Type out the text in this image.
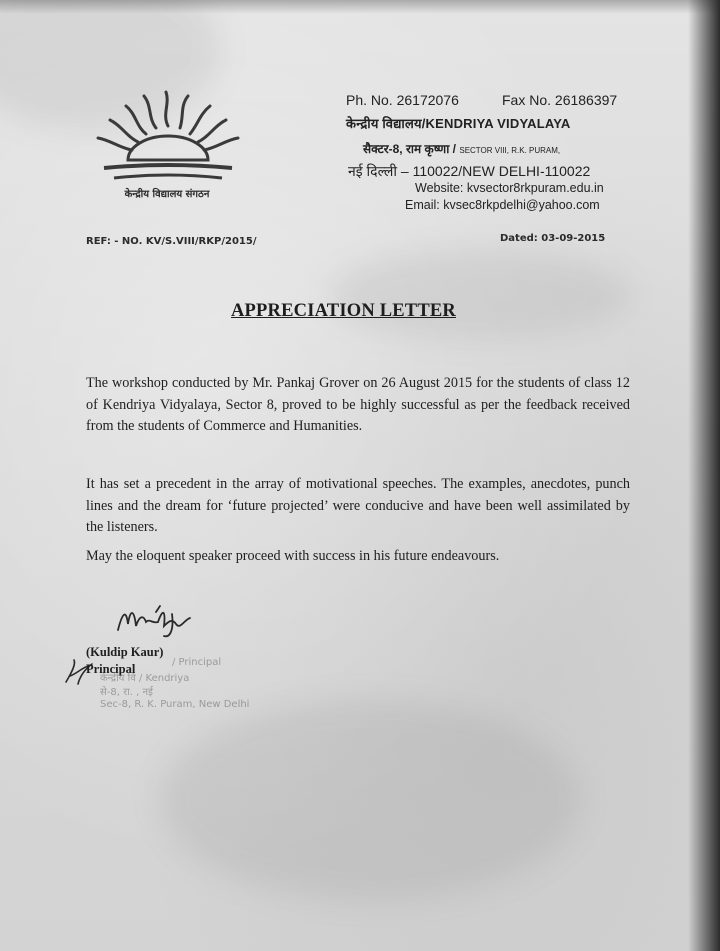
केन्द्रीय विद्यालय संगठन
Ph. No. 26172076	Fax No. 26186397
केन्द्रीय विद्यालय/KENDRIYA VIDYALAYA
सैक्टर-8, राम कृष्णा / SECTOR VIII, R.K. PURAM,
नई दिल्ली – 110022/NEW DELHI-110022
Website: kvsector8rkpuram.edu.in
Email: kvsec8rkpdelhi@yahoo.com
REF: - NO. KV/S.VIII/RKP/2015/	Dated: 03-09-2015
APPRECIATION LETTER
The workshop conducted by Mr. Pankaj Grover on 26 August 2015 for the students of class 12 of Kendriya Vidyalaya, Sector 8, proved to be highly successful as per the feedback received from the students of Commerce and Humanities.
It has set a precedent in the array of motivational speeches. The examples, anecdotes, punch lines and the dream for ‘future projected’ were conducive and have been well assimilated by the listeners.
May the eloquent speaker proceed with success in his future endeavours.
(Kuldip Kaur)
Principal	/ Principal
केन्द्रीय वि / Kendriya
से-8, रा. , नई
Sec-8, R. K. Puram, New Delhi
